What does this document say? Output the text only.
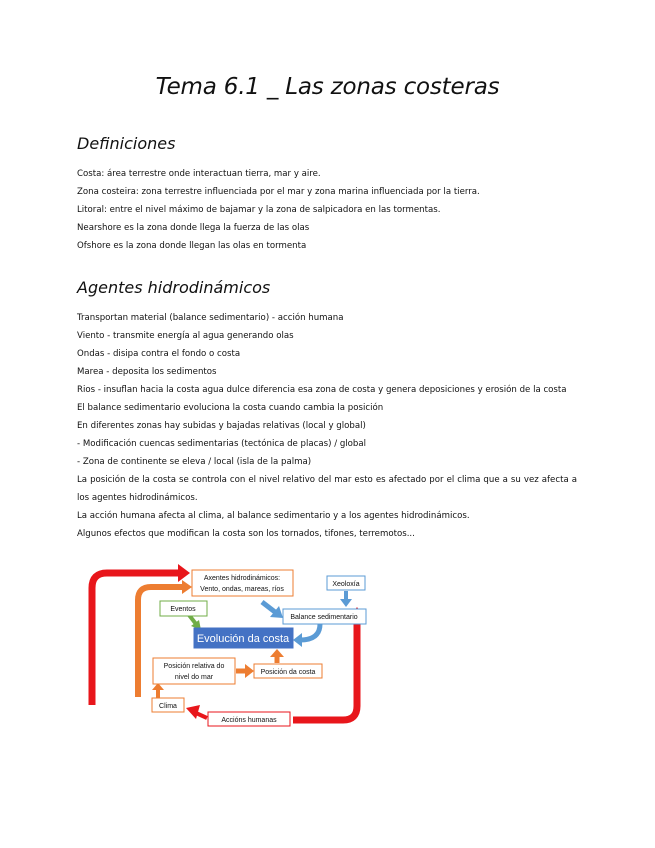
Tema 6.1 _ Las zonas costeras
Definiciones
Costa: área terrestre onde interactuan tierra, mar y aire.
Zona costeira: zona terrestre influenciada por el mar y zona marina influenciada por la tierra.
Litoral: entre el nivel máximo de bajamar y la zona de salpicadora en las tormentas.
Nearshore es la zona donde llega la fuerza de las olas
Ofshore es la zona donde llegan las olas en tormenta
Agentes hidrodinámicos
Transportan material (balance sedimentario) - acción humana
Viento - transmite energía al agua generando olas
Ondas - disipa contra el fondo o costa
Marea - deposita los sedimentos
Rios - insuflan hacia la costa agua dulce diferencia esa zona de costa y genera deposiciones y erosión de la costa
El balance sedimentario evoluciona la costa cuando cambia la posición
En diferentes zonas hay subidas y bajadas relativas (local y global)
- Modificación cuencas sedimentarias (tectónica de placas) / global
- Zona de continente se eleva / local (isla de la palma)
La posición de la costa se controla con el nivel relativo del mar esto es afectado por el clima que a su vez afecta a los agentes hidrodinámicos.
La acción humana afecta al clima, al balance sedimentario y a los agentes hidrodinámicos.
Algunos efectos que modifican la costa son los tornados, tifones, terremotos...
Axentes hidrodinámicos:
Vento, ondas, mareas, ríos
Xeoloxía
Eventos
Balance sedimentario
Evolución da costa
Posición relativa do
nivel do mar
Posición da costa
Clima
Accións humanas
